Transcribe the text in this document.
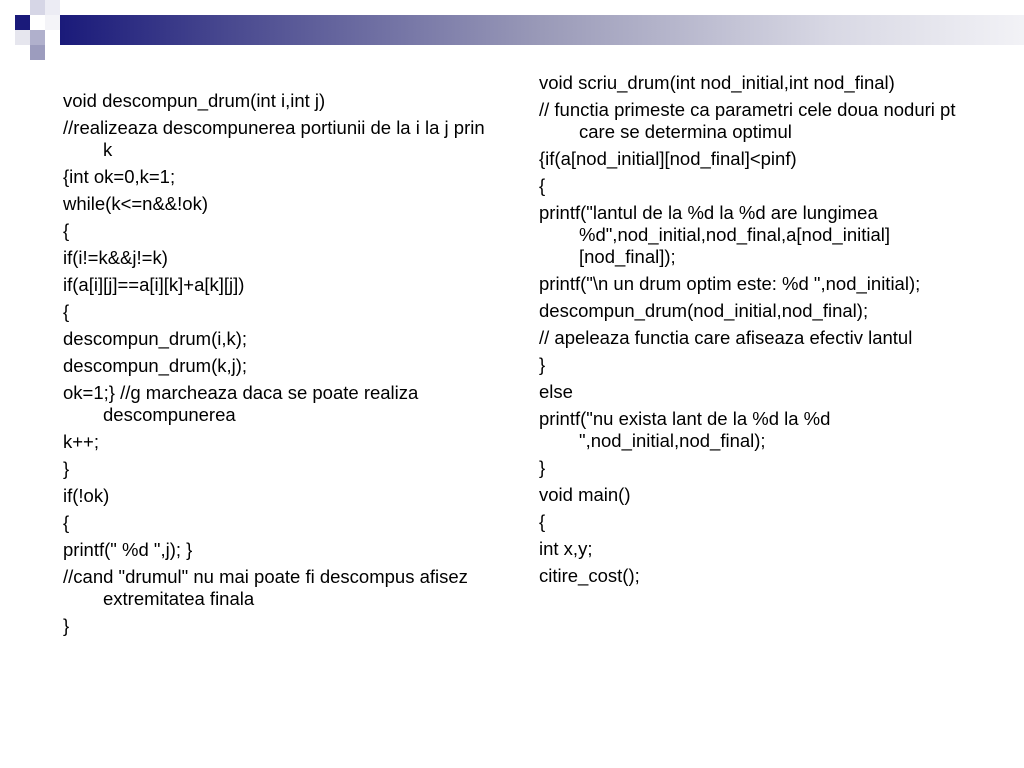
void descompun_drum(int i,int j)
//realizeaza descompunerea portiunii de la i la j prin k
{int ok=0,k=1;
while(k<=n&&!ok)
{
if(i!=k&&j!=k)
if(a[i][j]==a[i][k]+a[k][j])
{
descompun_drum(i,k);
descompun_drum(k,j);
ok=1;} //g marcheaza daca se poate realiza  descompunerea
k++;
}
if(!ok)
{
printf(" %d ",j); }
//cand "drumul" nu mai poate fi descompus afisez extremitatea finala
}
void scriu_drum(int nod_initial,int nod_final)
// functia primeste ca parametri cele doua noduri pt care se determina optimul
{if(a[nod_initial][nod_final]<pinf)
{
printf("lantul de la %d la %d are lungimea %d",nod_initial,nod_final,a[nod_initial][nod_final]);
printf("\n un drum optim este: %d ",nod_initial);
descompun_drum(nod_initial,nod_final);
// apeleaza functia care afiseaza efectiv lantul
}
else
printf("nu exista lant de la %d la %d ",nod_initial,nod_final);
}
void main()
{
int x,y;
citire_cost();
